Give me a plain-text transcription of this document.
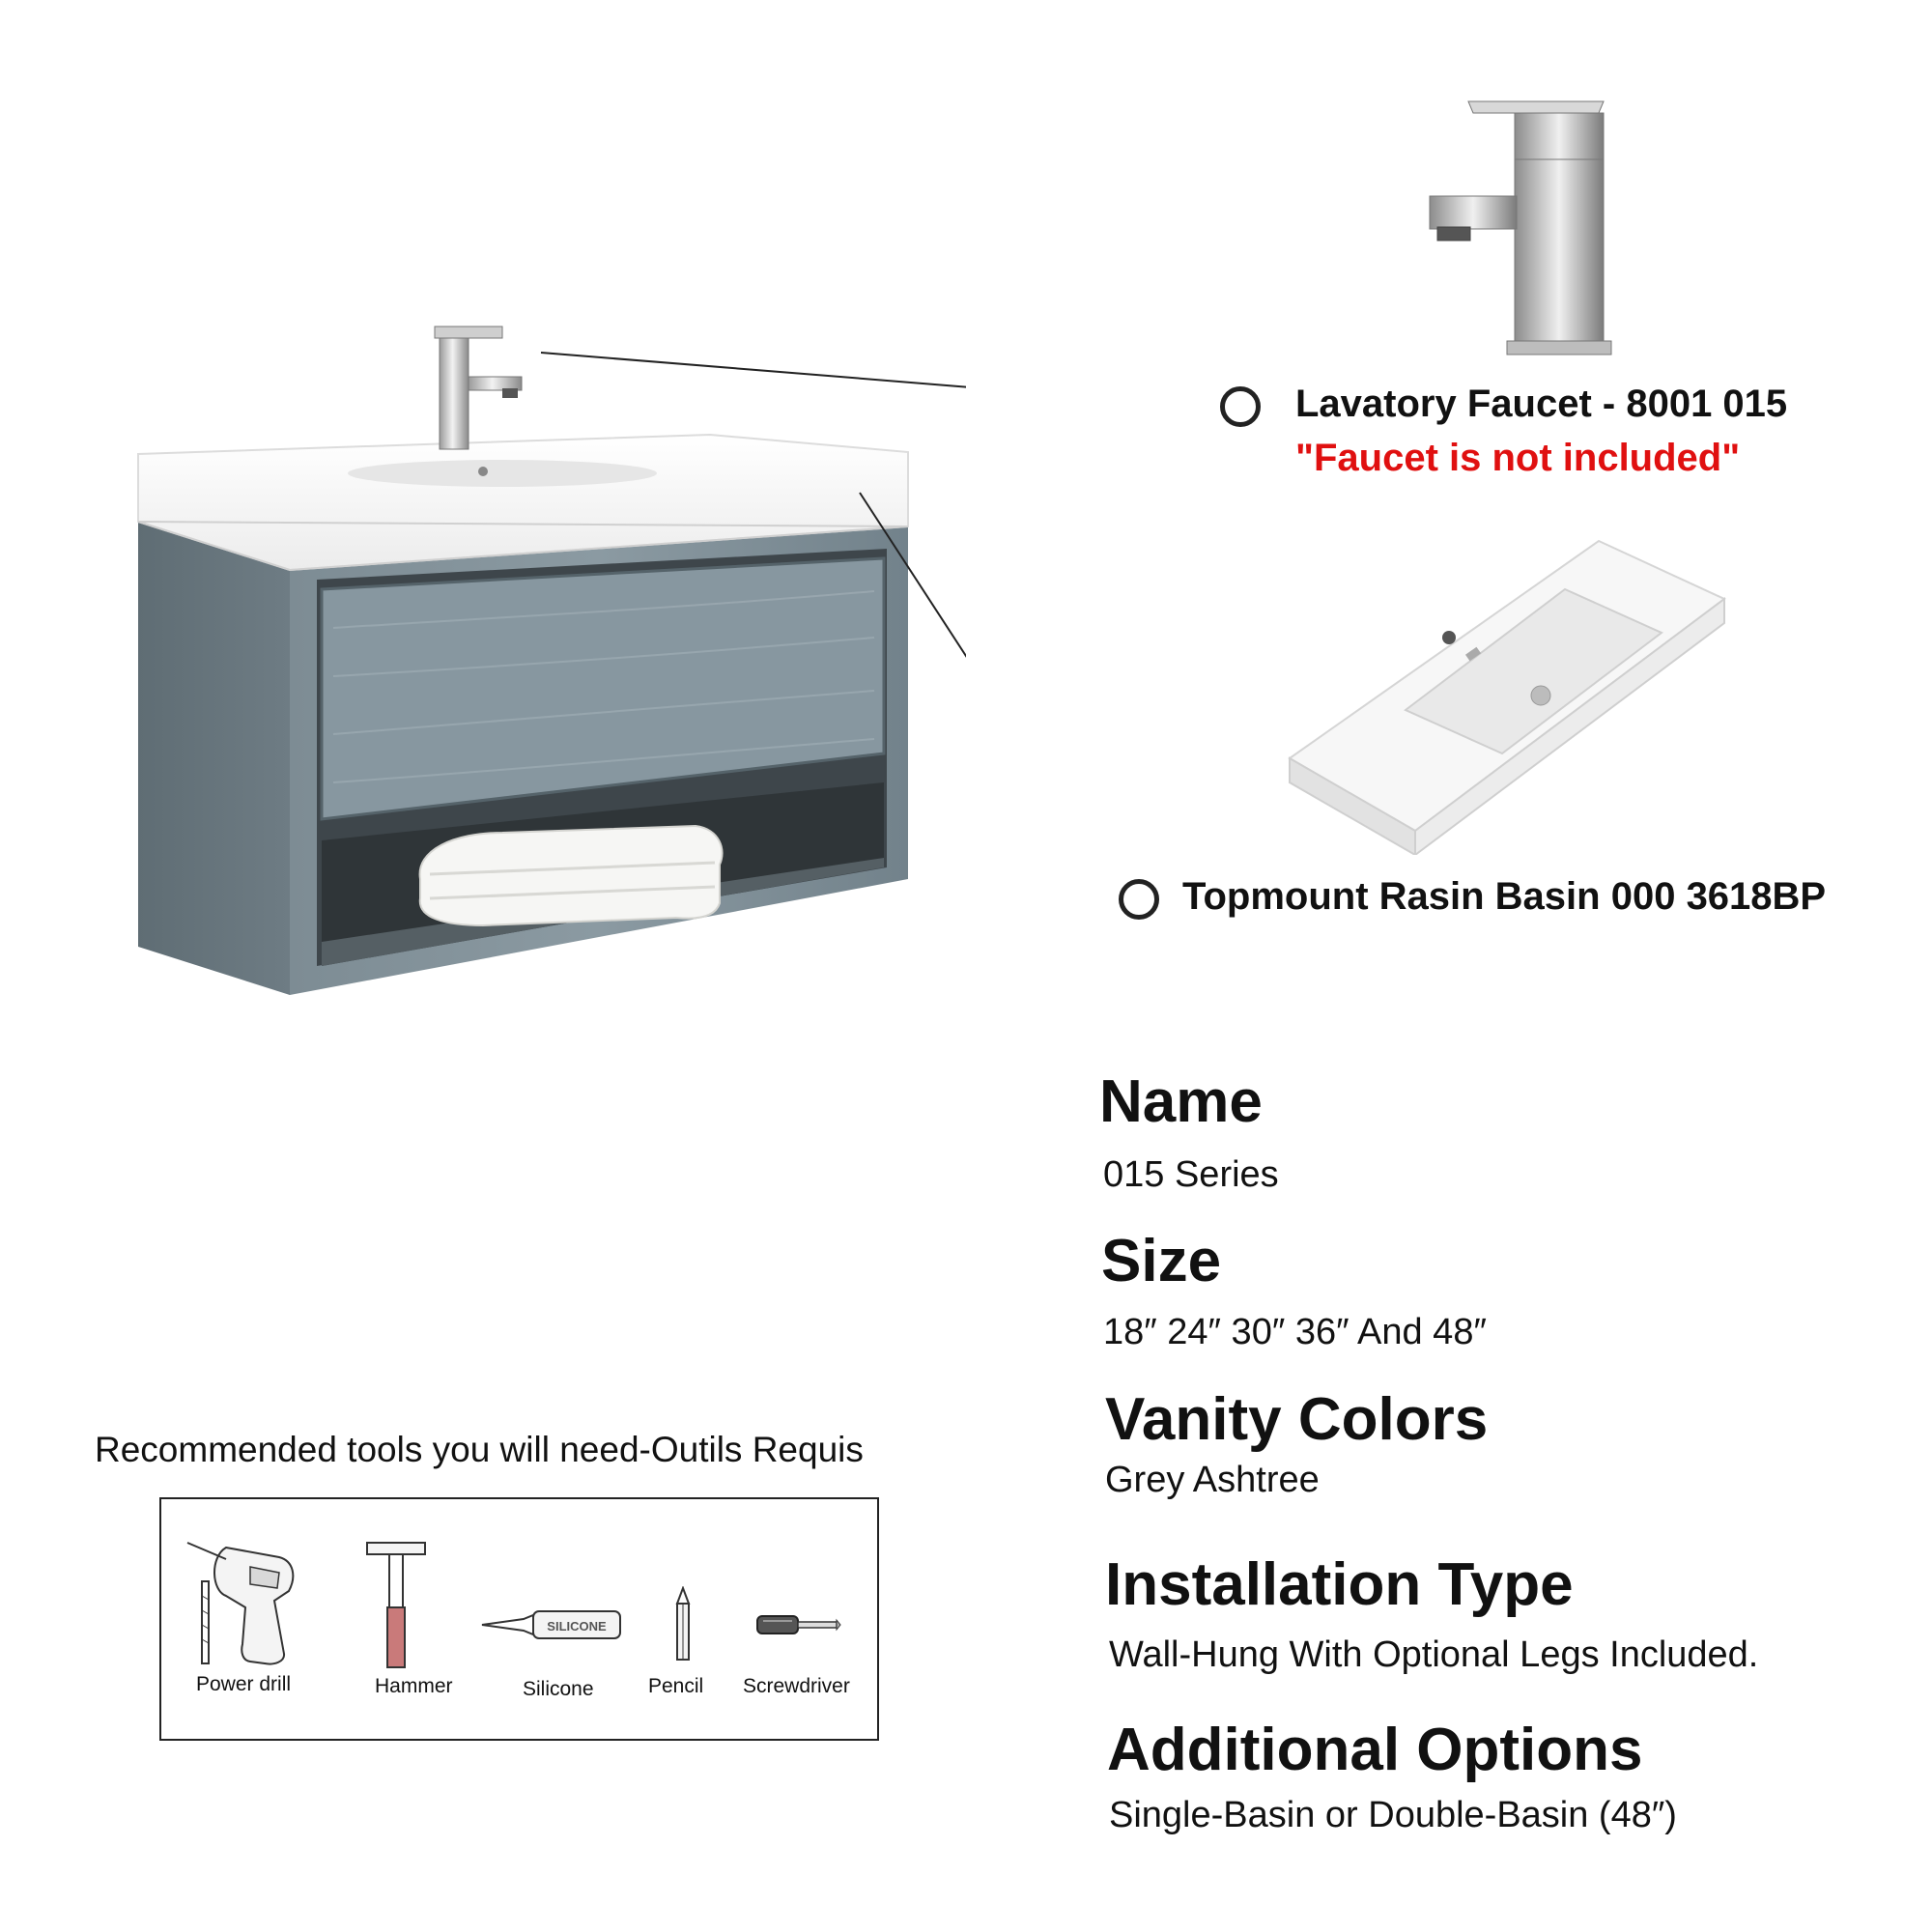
Lavatory Faucet - 8001 015
"Faucet is not included"
Topmount Rasin Basin 000 3618BP
Name
015 Series
Size
18″ 24″ 30″ 36″ And 48″
Vanity Colors
Grey Ashtree
Installation Type
Wall-Hung With Optional Legs Included.
Additional Options
Single-Basin or Double-Basin (48″)
Recommended tools you will need-Outils Requis
SILICONE
Power drill	Hammer	Silicone	Pencil Screwdriver
